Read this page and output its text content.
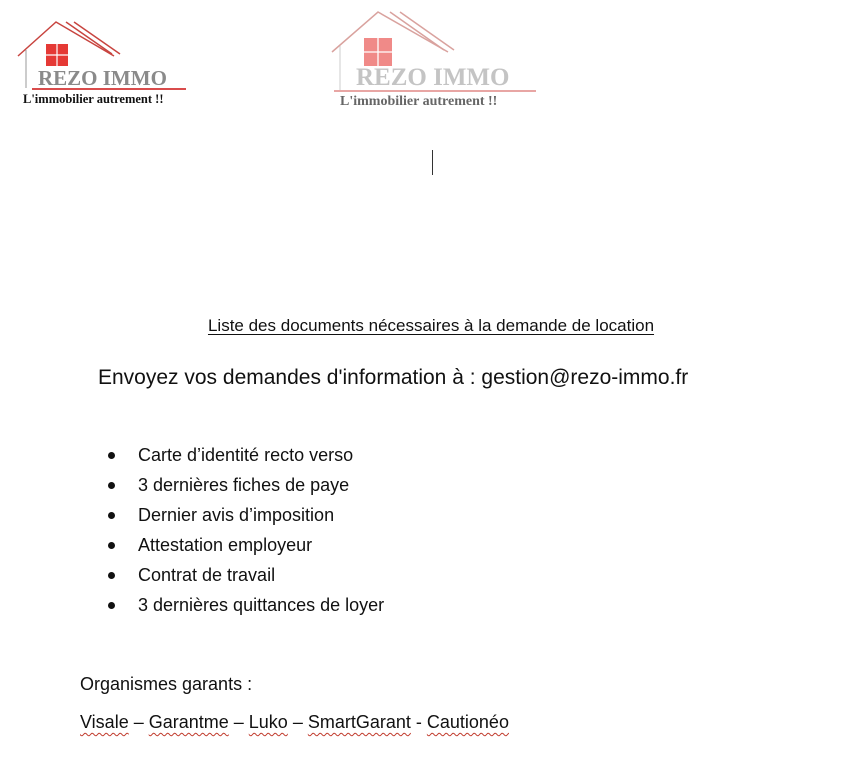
REZO IMMO
L'immobilier autrement !!
REZO IMMO
L'immobilier autrement !!
Liste des documents nécessaires à la demande de location
Envoyez vos demandes d'information à : gestion@rezo-immo.fr
Carte d’identité recto verso
3 dernières fiches de paye
Dernier avis d’imposition
Attestation employeur
Contrat de travail
3 dernières quittances de loyer
Organismes garants :
Visale – Garantme – Luko – SmartGarant - Cautionéo
